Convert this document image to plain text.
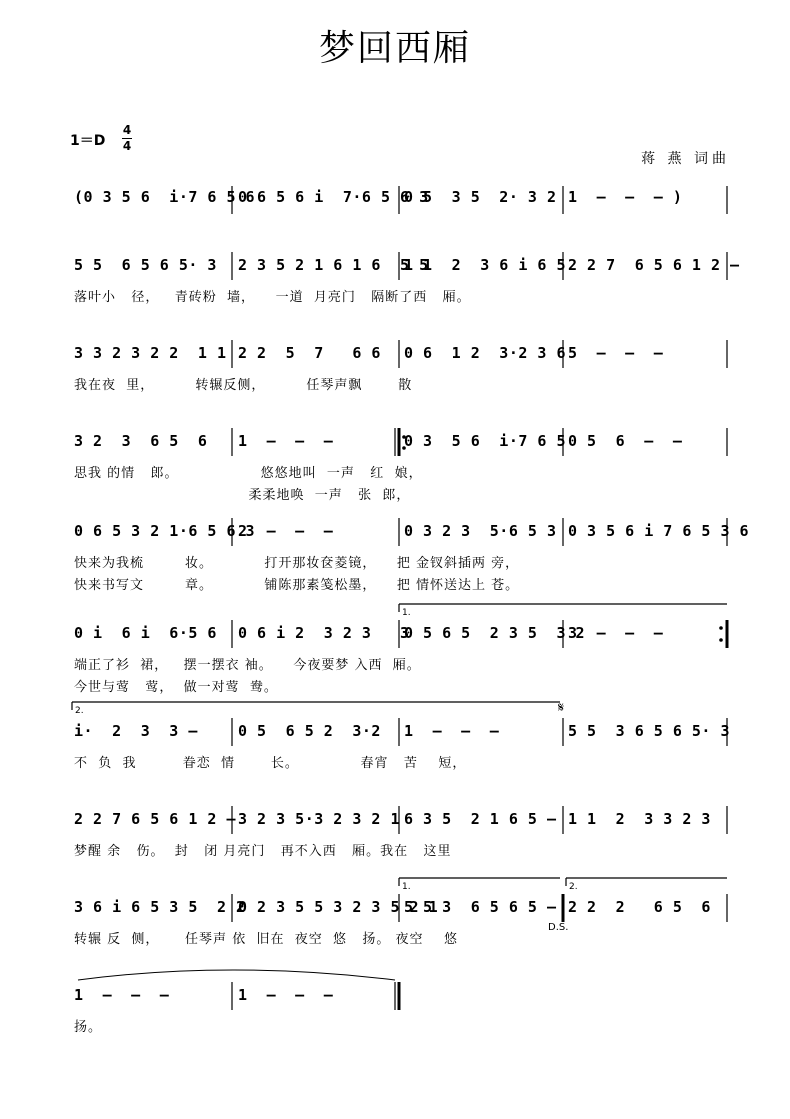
梦回西厢
1＝D
4
4
蒋 燕 词曲
1.
2.
1.	2.
𝄋
D.S.
(0 3 5 6  i·7 6 5 6
0 6 5 6 i  7·6 5 6 3
0 5  3 5  2· 3 2 1  –  –  – )
5 5  6 5 6 5· 3 2 3 5 2 1 6 1 6  5 5
1 1  2  3 6 i 6 5 2 2 7  6 5 6 1 2 –
落叶小   径，   青砖粉  墙，    一道  月亮门   隔断了西   厢。
3 3 2 3 2 2  1 1 2 2  5  7   6 6 0 6  1 2  3·2 3 6 5  –  –  –
我在夜  里，        转辗反侧，        任琴声飘       散
3 2  3  6 5  6 1  –  –  –	0 3  5 6  i·7 6 5 0 5  6  –  –
思我 的情   郎。                悠悠地叫  一声   红  娘，
柔柔地唤  一声   张  郎，
0 6 5 3 2 1·6 5 6 3
2  –  –  –	0 3 2 3  5·6 5 3 0 3 5 6 i 7 6 5 3 6
快来为我梳        妆。          打开那妆奁菱镜，    把 金钗斜插两 旁，
快来书写文        章。          铺陈那素笺松墨，    把 情怀送达上 苍。
0 i  6 i  6·5 6 0 6 i 2  3 2 3   3
0 5 6 5  2 3 5  3 2
3  –  –  –
端正了衫  裙，   摆一摆衣 袖。    今夜要梦 入西  厢。
今世与莺   莺，  做一对莺  鸯。
i·  2  3  3 –	0 5  6 5 2  3·2 1  –  –  –	5 5  3 6 5 6 5· 3
不  负  我         眷恋  情       长。            春宵   苦    短，
2 2 7 6 5 6 1 2 – 3 2 3 5·3 2 3 2 1 6 3 5  2 1 6 5 – 1 1  2  3 3 2 3
梦醒 余   伤。  封   闭 月亮门   再不入西   厢。我在   这里
3 6 i 6 5 3 5  2 2
0 2 3 5 5 3 2 3 5 2 1
5 5 3  6 5 6 5 – 2 2  2   6 5  6
转辗 反  侧，     任琴声 依  旧在  夜空  悠   扬。 夜空    悠
1  –  –  –	1  –  –  –
扬。
